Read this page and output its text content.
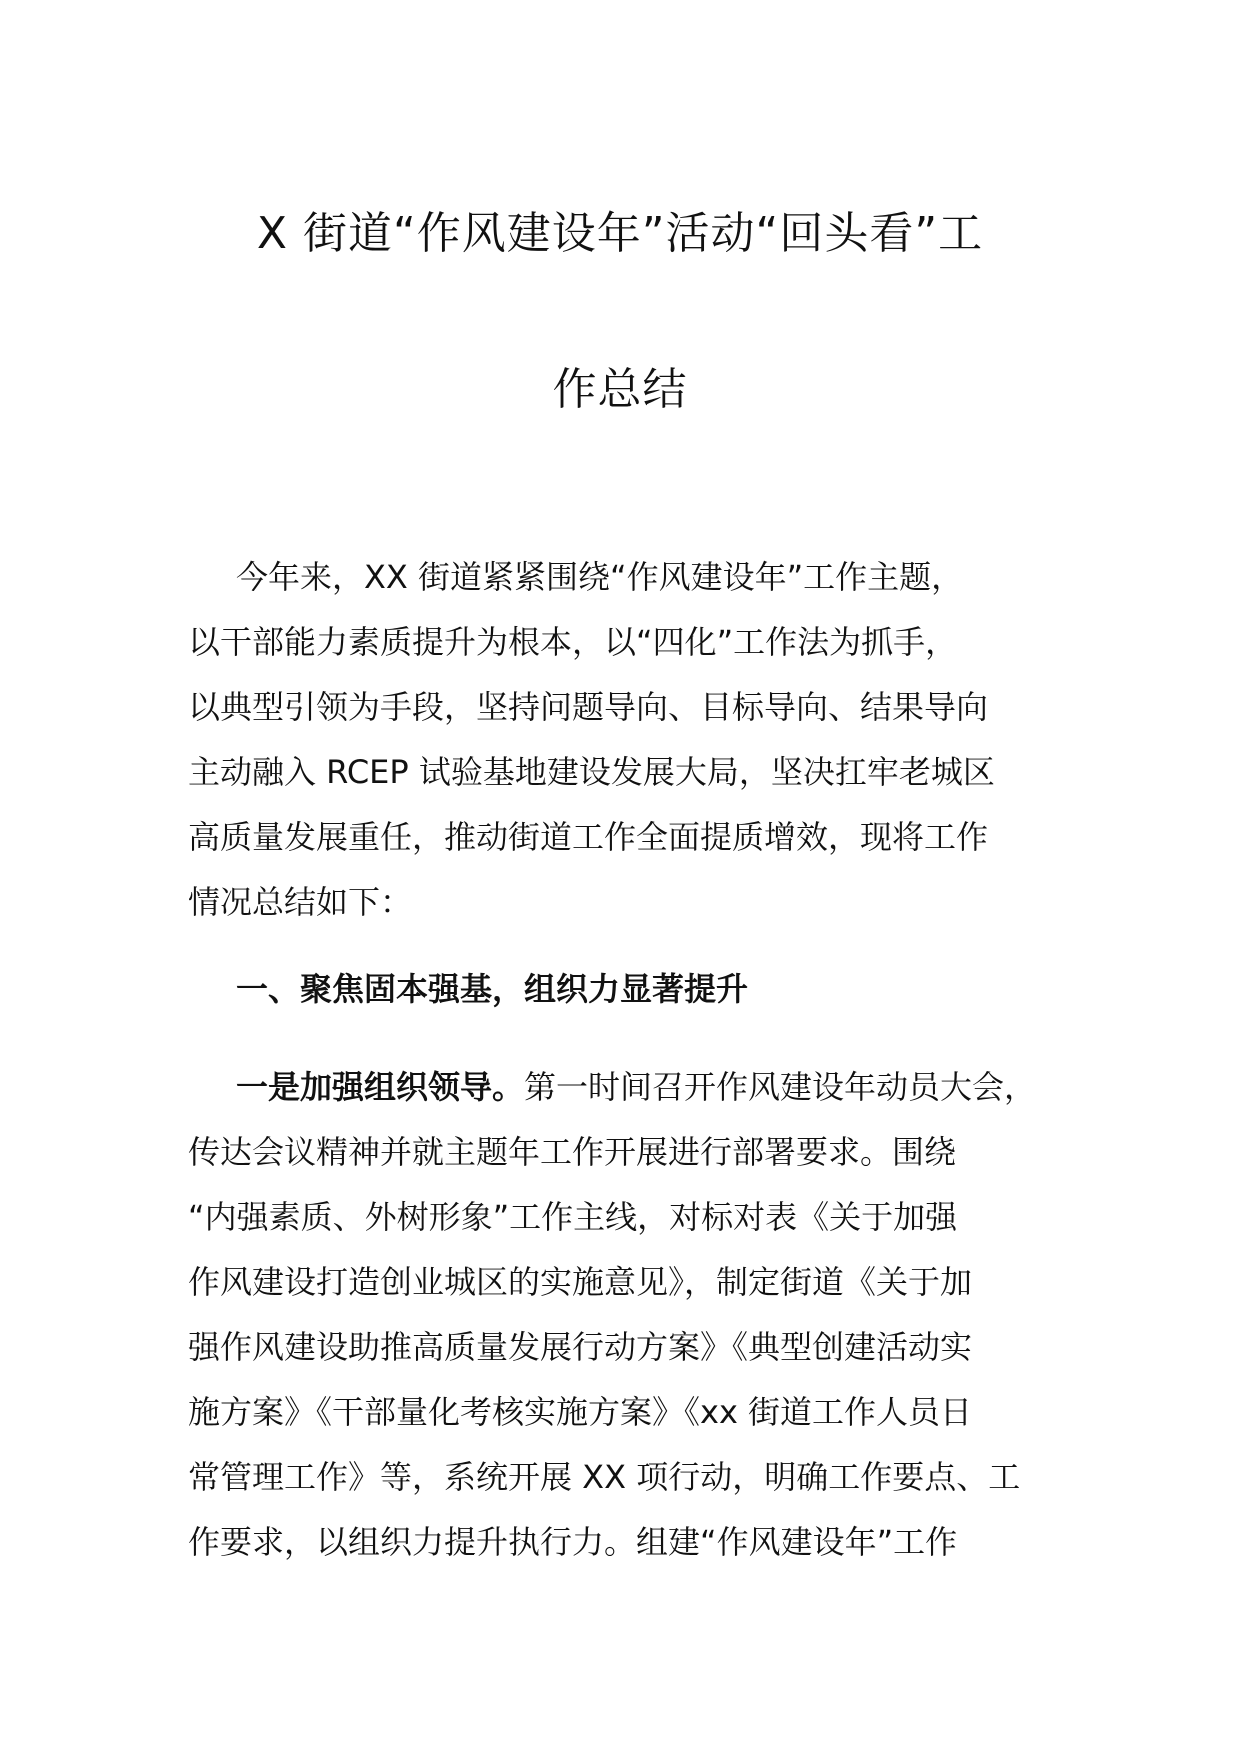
X 街道“作风建设年”活动“回头看”工
作总结
今年来，XX 街道紧紧围绕“作风建设年”工作主题，
以干部能力素质提升为根本，以“四化”工作法为抓手，
以典型引领为手段，坚持问题导向、目标导向、结果导向
主动融入 RCEP 试验基地建设发展大局，坚决扛牢老城区
高质量发展重任，推动街道工作全面提质增效，现将工作
情况总结如下：
一、聚焦固本强基，组织力显著提升
一是加强组织领导。第一时间召开作风建设年动员大会，
传达会议精神并就主题年工作开展进行部署要求。围绕
“内强素质、外树形象”工作主线，对标对表《关于加强
作风建设打造创业城区的实施意见》，制定街道《关于加
强作风建设助推高质量发展行动方案》《典型创建活动实
施方案》《干部量化考核实施方案》《xx 街道工作人员日
常管理工作》等，系统开展 XX 项行动，明确工作要点、工
作要求，以组织力提升执行力。组建“作风建设年”工作
